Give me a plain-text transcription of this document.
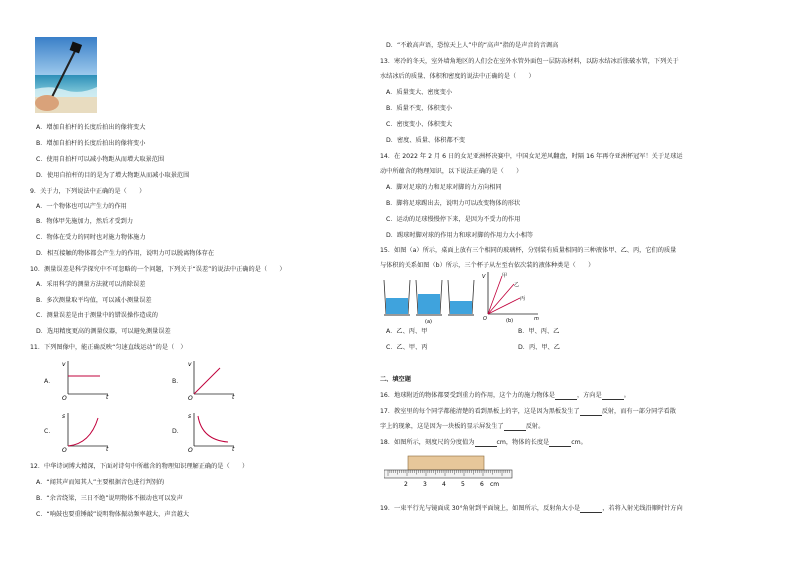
A．增加自拍杆的长度后拍出的像将变大
B．增加自拍杆的长度后拍出的像将变小
C．使用自拍杆可以减小物距从而增大取景范围
D．使用自拍杆的目的是为了增大物距从而减小取景范围
9．关于力，下列说法中正确的是（　　）
A．一个物体也可以产生力的作用
B．物体甲先施加力，然后才受到力
C．物体在受力的同时也对施力物体施力
D．相互接触的物体都会产生力的作用，说明力可以脱离物体存在
10．测量误差是科学探究中不可忽略的一个问题，下列关于“误差”的说法中正确的是（　　）
A．采用科学的测量方法就可以消除误差
B．多次测量取平均值，可以减小测量误差
C．测量误差是由于测量中的错误操作造成的
D．选用精度更高的测量仪器，可以避免测量误差
11．下列图像中，能正确反映“匀速直线运动”的是（　）
A．
v
t
O
B．
v
t
O
C．
s
t
O
D．
s
t
O
12．中华诗词博大精深，下面对诗句中所蕴含的物理知识理解正确的是（　　）
A．“闻其声而知其人”主要根据音色进行判别的
B．“余音绕梁，三日不绝”说明物体不振动也可以发声
C．“响鼓也要重锤敲”说明物体振动频率越大，声音越大
D．“不敢高声语，恐惊天上人”中的“高声”指的是声音的音调高
13．寒冷的冬天，室外墙角地区的人们会在室外水管外面包一层防冻材料，以防水结冰后胀破水管，下列关于
水结冰后的质量、体积和密度的说法中正确的是（　　）
A．质量变大、密度变小
B．质量不变、体积变小
C．密度变小、体积变大
D．密度、质量、体积都不变
14．在 2022 年 2 月 6 日的女足亚洲杯决赛中，中国女足逆风翻盘，时隔 16 年再夺亚洲杯冠军！关于足球运
动中所蕴含的物理知识，以下说法正确的是（　　）
A．脚对足球的力和足球对脚的力方向相同
B．脚将足球踢出去，说明力可以改变物体的形状
C．运动的足球慢慢停下来，是因为不受力的作用
D．踢球时脚对球的作用力和球对脚的作用力大小相等
15．如图（a）所示，桌面上放有三个相同的玻璃杯，分别装有质量相同的三种液体甲、乙、丙，它们的质量
与体积的关系如图（b）所示，三个杯子从左至右依次装的液体种类是（　　）
(a)
甲
乙
丙
V
m
O	(b)
A．乙、丙、甲	B．甲、丙、乙
C．乙、甲、丙	D．丙、甲、乙
二、填空题
16．地球附近的物体都要受到重力的作用，这个力的施力物体是	，方向是	。
17．教室里的每个同学都能清楚的看到黑板上的字，这是因为黑板发生了	反射，而有一部分同学看散
字上的现象，这是因为一块板的显示屏发生了	反射。
18．如图所示，刻度尺的分度值为	cm，物体的长度是	cm。
2	3	4	5	6 cm
19．一束平行光与镜面成 30°角射到平面镜上，如图所示，反射角大小是	，若将入射光线沿顺时针方向
